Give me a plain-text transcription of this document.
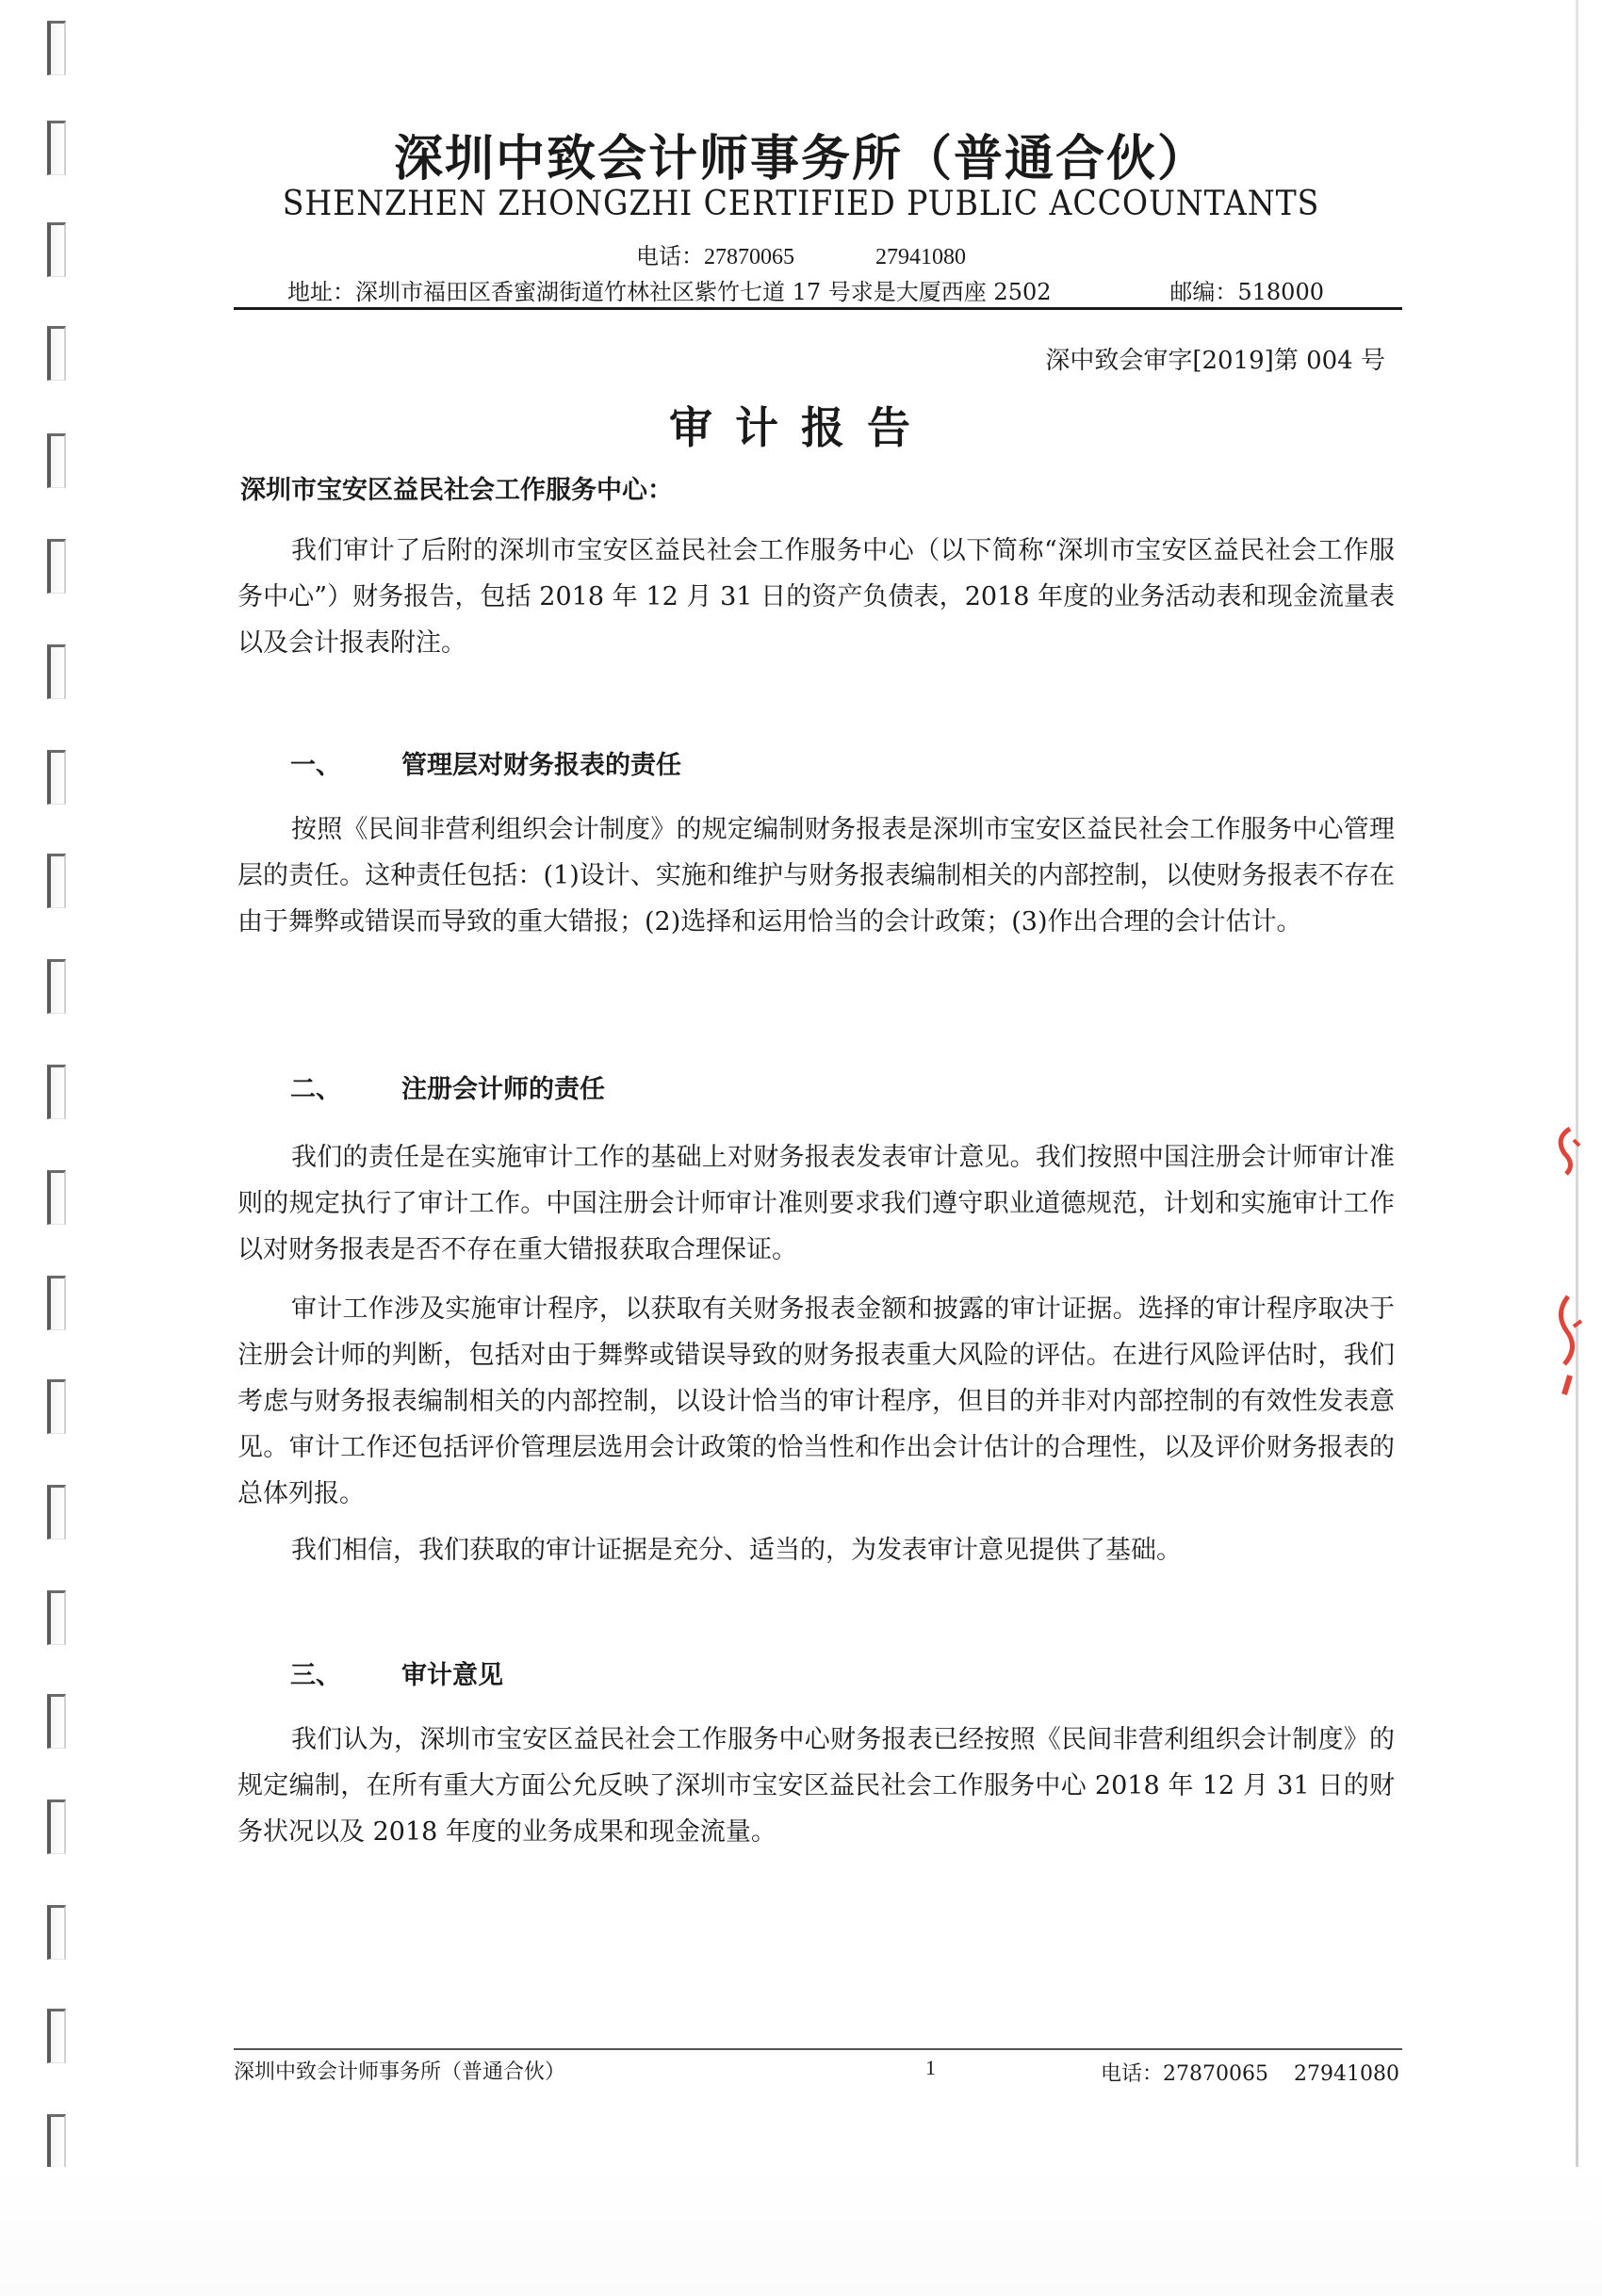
深圳中致会计师事务所（普通合伙）
SHENZHEN ZHONGZHI CERTIFIED PUBLIC ACCOUNTANTS
电话：27870065	27941080
地址：深圳市福田区香蜜湖街道竹林社区紫竹七道 17 号求是大厦西座 2502	邮编：518000
深中致会审字[2019]第 004 号
审计报告
深圳市宝安区益民社会工作服务中心：

我们审计了后附的深圳市宝安区益民社会工作服务中心（以下简称“深圳市宝安区益民社会工作服务中心”）财务报告，包括 2018 年 12 月 31 日的资产负债表，2018 年度的业务活动表和现金流量表以及会计报表附注。

一、	管理层对财务报表的责任

按照《民间非营利组织会计制度》的规定编制财务报表是深圳市宝安区益民社会工作服务中心管理层的责任。这种责任包括：(1)设计、实施和维护与财务报表编制相关的内部控制，以使财务报表不存在由于舞弊或错误而导致的重大错报；(2)选择和运用恰当的会计政策；(3)作出合理的会计估计。

二、	注册会计师的责任

我们的责任是在实施审计工作的基础上对财务报表发表审计意见。我们按照中国注册会计师审计准则的规定执行了审计工作。中国注册会计师审计准则要求我们遵守职业道德规范，计划和实施审计工作以对财务报表是否不存在重大错报获取合理保证。

审计工作涉及实施审计程序，以获取有关财务报表金额和披露的审计证据。选择的审计程序取决于注册会计师的判断，包括对由于舞弊或错误导致的财务报表重大风险的评估。在进行风险评估时，我们考虑与财务报表编制相关的内部控制，以设计恰当的审计程序，但目的并非对内部控制的有效性发表意见。审计工作还包括评价管理层选用会计政策的恰当性和作出会计估计的合理性，以及评价财务报表的总体列报。

我们相信，我们获取的审计证据是充分、适当的，为发表审计意见提供了基础。

三、	审计意见

我们认为，深圳市宝安区益民社会工作服务中心财务报表已经按照《民间非营利组织会计制度》的规定编制，在所有重大方面公允反映了深圳市宝安区益民社会工作服务中心 2018 年 12 月 31 日的财务状况以及 2018 年度的业务成果和现金流量。

深圳中致会计师事务所（普通合伙）	1	电话：27870065 27941080
